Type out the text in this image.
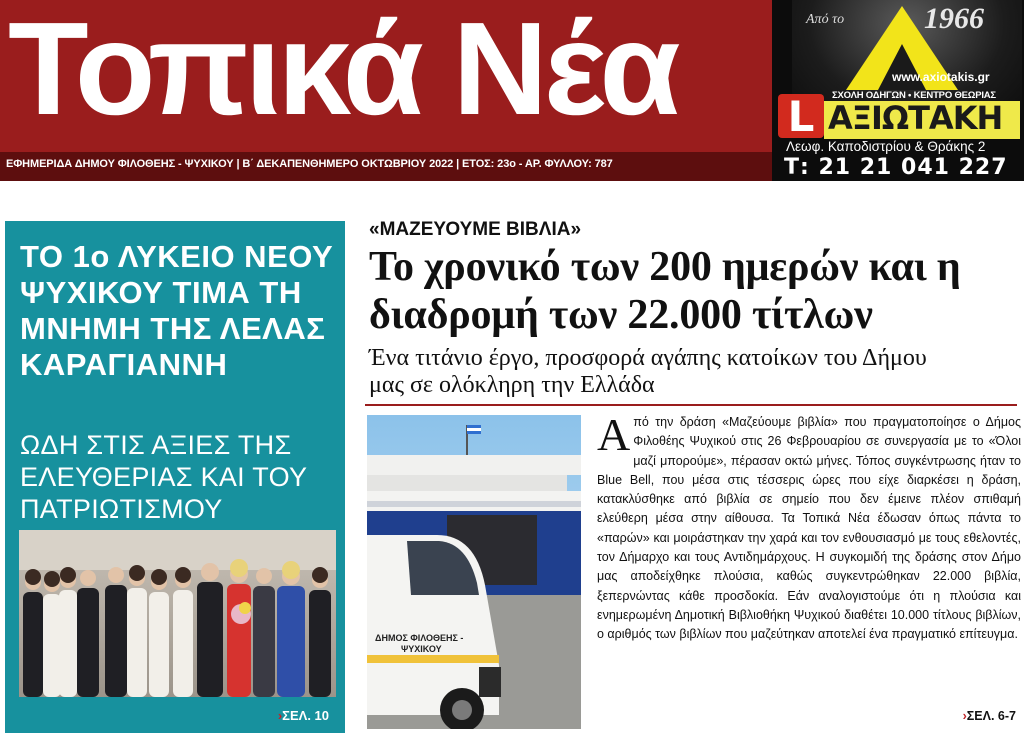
Τοπικά Νέα
ΕΦΗΜΕΡΙΔΑ ΔΗΜΟΥ ΦΙΛΟΘΕΗΣ - ΨΥΧΙΚΟΥ | Β΄ ΔΕΚΑΠΕΝΘΗΜΕΡΟ ΟΚΤΩΒΡΙΟΥ 2022 | ΕΤΟΣ: 23ο - ΑΡ. ΦΥΛΛΟΥ: 787
Από το	1966
www.axiotakis.gr
ΣΧΟΛΗ ΟΔΗΓΩΝ • ΚΕΝΤΡΟ ΘΕΩΡΙΑΣ
L ΑΞΙΩΤΑΚΗ
Λεωφ. Καποδιστρίου & Θράκης 2
Τ: 21 21 041 227
ΤΟ 1ο ΛΥΚΕΙΟ ΝΕΟΥ ΨΥΧΙΚΟΥ ΤΙΜΑ ΤΗ ΜΝΗΜΗ ΤΗΣ ΛΕΛΑΣ ΚΑΡΑΓΙΑΝΝΗ
ΩΔΗ ΣΤΙΣ ΑΞΙΕΣ ΤΗΣ ΕΛΕΥΘΕΡΙΑΣ ΚΑΙ ΤΟΥ ΠΑΤΡΙΩΤΙΣΜΟΥ
›ΣΕΛ. 10
«ΜΑΖΕΥΟΥΜΕ ΒΙΒΛΙΑ»
Το χρονικό των 200 ημερών και η διαδρομή των 22.000 τίτλων
Ένα τιτάνιο έργο, προσφορά αγάπης κατοίκων του Δήμου μας σε ολόκληρη την Ελλάδα
ΔΗΜΟΣ ΦΙΛΟΘΕΗΣ -
ΨΥΧΙΚΟΥ
Από την δράση «Μαζεύουμε βιβλία» που πραγματοποίησε ο Δήμος Φιλοθέης Ψυχικού στις 26 Φεβρουαρίου σε συνεργασία με το «Όλοι μαζί μπορούμε», πέρασαν οκτώ μήνες. Τόπος συγκέντρωσης ήταν το Blue Bell, που μέσα στις τέσσερις ώρες που είχε διαρκέσει η δράση, κατακλύσθηκε από βιβλία σε σημείο που δεν έμεινε πλέον σπιθαμή ελεύθερη μέσα στην αίθουσα. Τα Τοπικά Νέα έδωσαν όπως πάντα το «παρών» και μοιράστηκαν την χαρά και τον ενθουσιασμό με τους εθελοντές, τον Δήμαρχο και τους Αντιδημάρχους. Η συγκομιδή της δράσης στον Δήμο μας αποδείχθηκε πλούσια, καθώς συγκεντρώθηκαν 22.000 βιβλία, ξεπερνώντας κάθε προσδοκία. Εάν αναλογιστούμε ότι η πλούσια και ενημερωμένη Δημοτική Βιβλιοθήκη Ψυχικού διαθέτει 10.000 τίτλους βιβλίων, ο αριθμός των βιβλίων που μαζεύτηκαν αποτελεί ένα πραγματικό επίτευγμα.
›ΣΕΛ. 6-7
